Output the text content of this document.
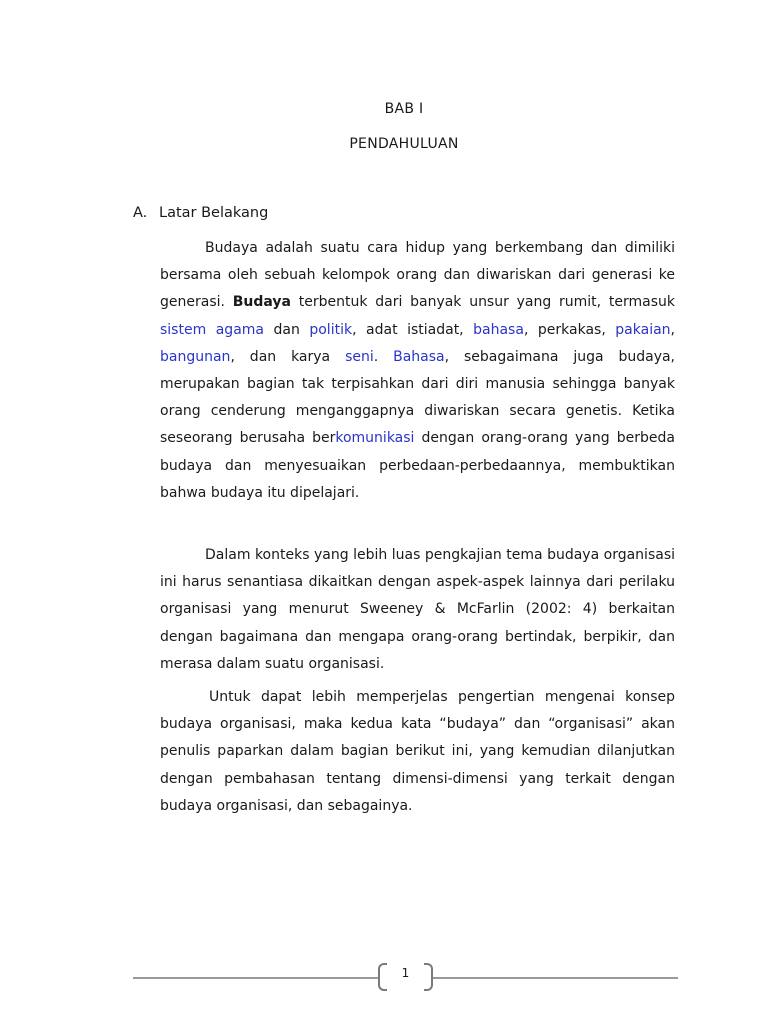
BAB I
PENDAHULUAN
A. Latar Belakang

Budaya adalah suatu cara hidup yang berkembang dan dimiliki bersama oleh sebuah kelompok orang dan diwariskan dari generasi ke generasi. Budaya terbentuk dari banyak unsur yang rumit, termasuk sistem agama dan politik, adat istiadat, bahasa, perkakas, pakaian, bangunan, dan karya seni. Bahasa, sebagaimana juga budaya, merupakan bagian tak terpisahkan dari diri manusia sehingga banyak orang cenderung menganggapnya diwariskan secara genetis. Ketika seseorang berusaha berkomunikasi dengan orang-orang yang berbeda budaya dan menyesuaikan perbedaan-perbedaannya, membuktikan bahwa budaya itu dipelajari.

Dalam konteks yang lebih luas pengkajian tema budaya organisasi ini harus senantiasa dikaitkan dengan aspek-aspek lainnya dari perilaku organisasi yang menurut Sweeney & McFarlin (2002: 4) berkaitan dengan bagaimana dan mengapa orang-orang bertindak, berpikir, dan merasa dalam suatu organisasi.

Untuk dapat lebih memperjelas pengertian mengenai konsep budaya organisasi, maka kedua kata “budaya” dan “organisasi” akan penulis paparkan dalam bagian berikut ini, yang kemudian dilanjutkan dengan pembahasan tentang dimensi-dimensi yang terkait dengan budaya organisasi, dan sebagainya.

1
